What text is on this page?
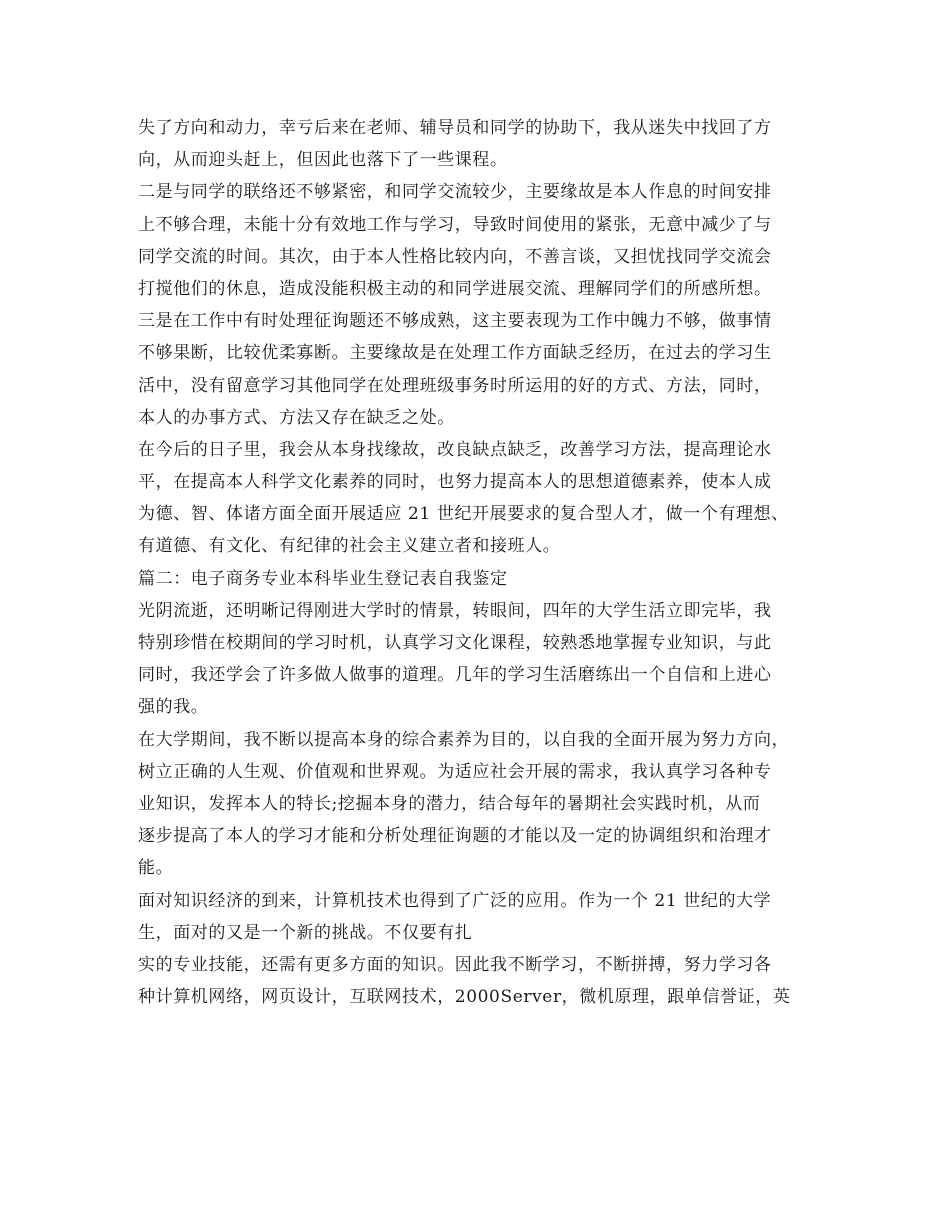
失了方向和动力，幸亏后来在老师、辅导员和同学的协助下，我从迷失中找回了方
向，从而迎头赶上，但因此也落下了一些课程。
二是与同学的联络还不够紧密，和同学交流较少，主要缘故是本人作息的时间安排
上不够合理，未能十分有效地工作与学习，导致时间使用的紧张，无意中减少了与
同学交流的时间。其次，由于本人性格比较内向，不善言谈，又担忧找同学交流会
打搅他们的休息，造成没能积极主动的和同学进展交流、理解同学们的所感所想。
三是在工作中有时处理征询题还不够成熟，这主要表现为工作中魄力不够，做事情
不够果断，比较优柔寡断。主要缘故是在处理工作方面缺乏经历，在过去的学习生
活中，没有留意学习其他同学在处理班级事务时所运用的好的方式、方法，同时，
本人的办事方式、方法又存在缺乏之处。
在今后的日子里，我会从本身找缘故，改良缺点缺乏，改善学习方法，提高理论水
平，在提高本人科学文化素养的同时，也努力提高本人的思想道德素养，使本人成
为德、智、体诸方面全面开展适应 21 世纪开展要求的复合型人才，做一个有理想、
有道德、有文化、有纪律的社会主义建立者和接班人。
篇二：电子商务专业本科毕业生登记表自我鉴定
光阴流逝，还明晰记得刚进大学时的情景，转眼间，四年的大学生活立即完毕，我
特别珍惜在校期间的学习时机，认真学习文化课程，较熟悉地掌握专业知识，与此
同时，我还学会了许多做人做事的道理。几年的学习生活磨练出一个自信和上进心
强的我。
在大学期间，我不断以提高本身的综合素养为目的，以自我的全面开展为努力方向，
树立正确的人生观、价值观和世界观。为适应社会开展的需求，我认真学习各种专
业知识，发挥本人的特长;挖掘本身的潜力，结合每年的暑期社会实践时机，从而
逐步提高了本人的学习才能和分析处理征询题的才能以及一定的协调组织和治理才
能。
面对知识经济的到来，计算机技术也得到了广泛的应用。作为一个 21 世纪的大学
生，面对的又是一个新的挑战。不仅要有扎
实的专业技能，还需有更多方面的知识。因此我不断学习，不断拼搏，努力学习各
种计算机网络，网页设计，互联网技术，2000Server，微机原理，跟单信誉证，英
